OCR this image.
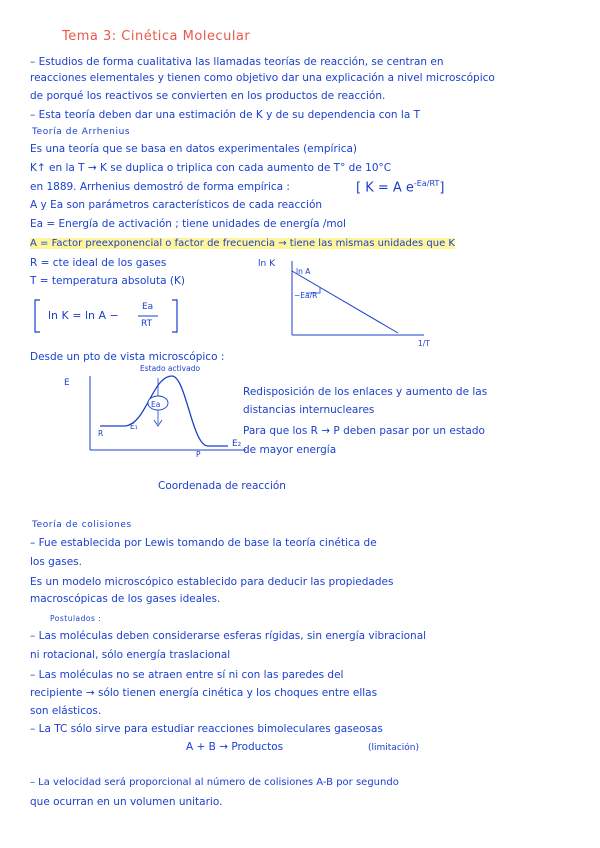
Tema 3: Cinética Molecular
– Estudios de forma cualitativa las llamadas teorías de reacción, se centran en
reacciones elementales y tienen como objetivo dar una explicación a nivel microscópico
de porqué los reactivos se convierten en los productos de reacción.
– Esta teoría deben dar una estimación de K y de su dependencia con la T
Teoría de Arrhenius
Es una teoría que se basa en datos experimentales (empírica)
K↑ en la T → K se duplica o triplica con cada aumento de T° de 10°C
en 1889. Arrhenius demostró de forma empírica :	[ K = A $e^{-Ea/RT}$]
A y Ea son parámetros característicos de cada reacción
Ea = Energía de activación ; tiene unidades de energía /mol
A = Factor preexponencial o factor de frecuencia → tiene las mismas unidades que K
R = cte ideal de los gases
T = temperatura absoluta (K)
ln K = ln A −
Ea
RT
ln K
ln A
−Ea/R
1/T
Desde un pto de vista microscópico :
Estado activado
E
Ea
R
E₁
P
E₂
Redisposición de los enlaces y aumento de las
distancias internucleares
Para que los R → P deben pasar por un estado
de mayor energía
Coordenada de reacción
Teoría de colisiones
– Fue establecida por Lewis tomando de base la teoría cinética de
los gases.
Es un modelo microscópico establecido para deducir las propiedades
macroscópicas de los gases ideales.
Postulados :
– Las moléculas deben considerarse esferas rígidas, sin energía vibracional
ni rotacional, sólo energía traslacional
– Las moléculas no se atraen entre sí ni con las paredes del
recipiente → sólo tienen energía cinética y los choques entre ellas
son elásticos.
– La TC sólo sirve para estudiar reacciones bimoleculares gaseosas
A + B → Productos	(limitación)
– La velocidad será proporcional al número de colisiones A-B por segundo
que ocurran en un volumen unitario.
